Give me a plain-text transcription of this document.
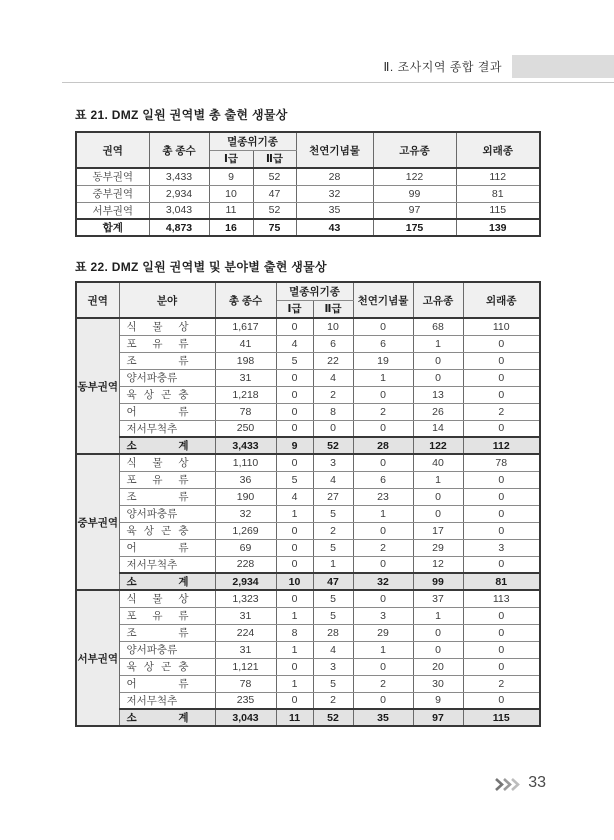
Ⅱ. 조사지역 종합 결과
표 21. DMZ 일원 권역별 총 출현 생물상
권역	총 종수	멸종위기종		천연기념물	고유종	외래종
		Ⅰ급	Ⅱ급			
동부권역	3,433	9	52	28	122	112
중부권역	2,934	10	47	32	99	81
서부권역	3,043	11	52	35	97	115
합계	4,873	16	75	43	175	139
표 22. DMZ 일원 권역별 및 분야별 출현 생물상
권역	분야	총 종수	멸종위기종		천연기념물	고유종	외래종
			Ⅰ급	Ⅱ급			
동부권역	식 물 상	1,617	0	10	0	68	110

	포 유 류	41	4	6	6	1	0

	조 류	198	5	22	19	0	0

	양서파충류	31	0	4	1	0	0

	육 상 곤 충	1,218	0	2	0	13	0

	어 류	78	0	8	2	26	2

	저서무척추	250	0	0	0	14	0

	소 계	3,433	9	52	28	122	112
중부권역	식 물 상	1,110	0	3	0	40	78

	포 유 류	36	5	4	6	1	0

	조 류	190	4	27	23	0	0

	양서파충류	32	1	5	1	0	0

	육 상 곤 충	1,269	0	2	0	17	0

	어 류	69	0	5	2	29	3

	저서무척추	228	0	1	0	12	0

	소 계	2,934	10	47	32	99	81
서부권역	식 물 상	1,323	0	5	0	37	113

	포 유 류	31	1	5	3	1	0

	조 류	224	8	28	29	0	0

	양서파충류	31	1	4	1	0	0

	육 상 곤 충	1,121	0	3	0	20	0

	어 류	78	1	5	2	30	2

	저서무척추	235	0	2	0	9	0

	소 계	3,043	11	52	35	97	115
33
